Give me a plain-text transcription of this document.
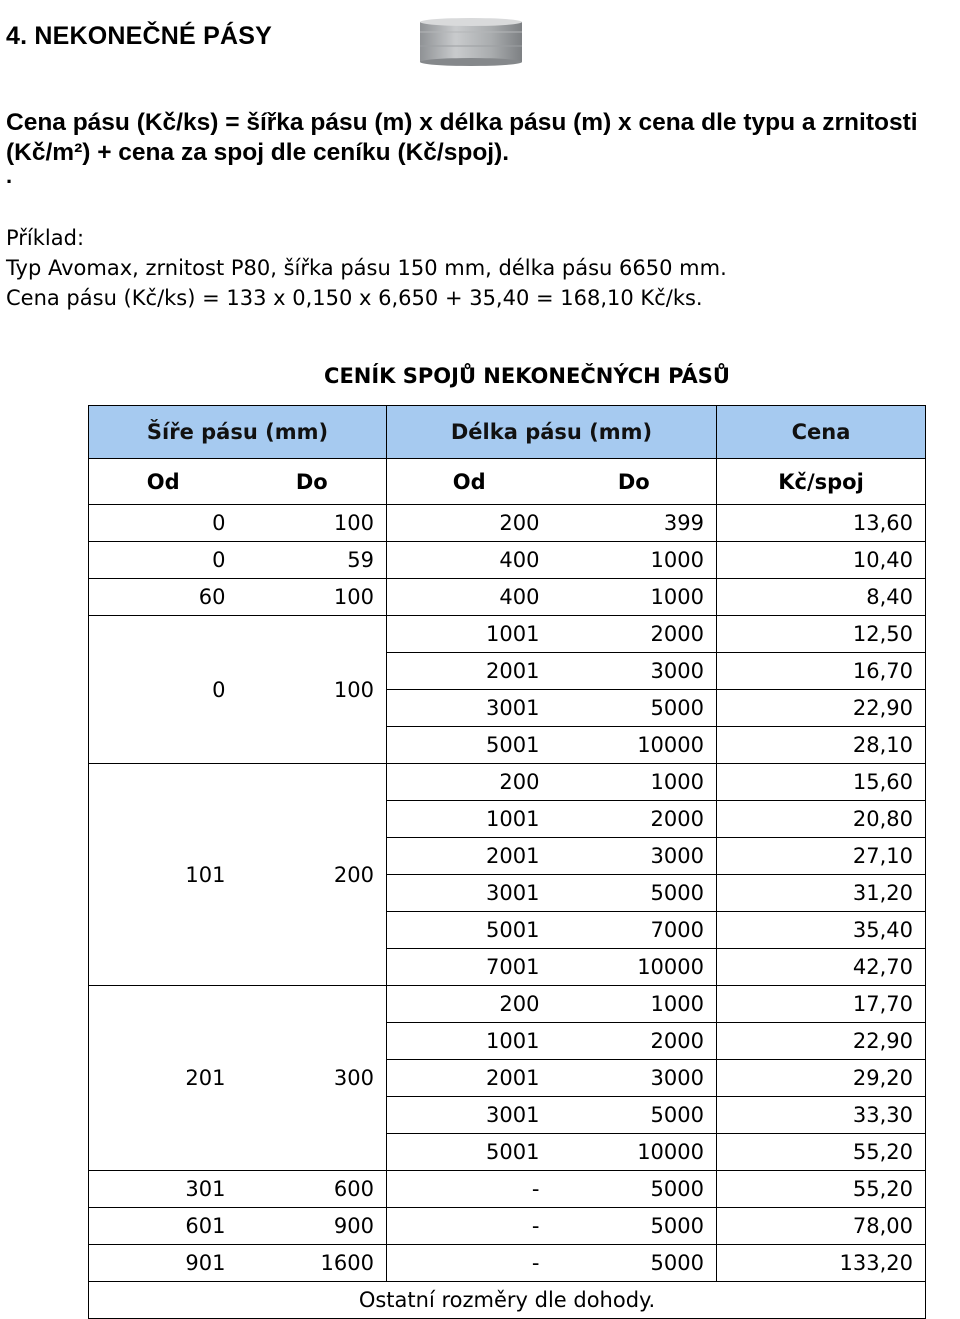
4. NEKONEČNÉ PÁSY
Cena pásu (Kč/ks) = šířka pásu (m) x délka pásu (m) x cena dle typu a zrnitosti (Kč/m²) + cena za spoj dle ceníku (Kč/spoj).
.
Příklad:
Typ Avomax, zrnitost P80, šířka pásu 150 mm, délka pásu 6650 mm.
Cena pásu (Kč/ks) = 133 x 0,150 x 6,650 + 35,40 = 168,10 Kč/ks.
CENÍK SPOJŮ NEKONEČNÝCH PÁSŮ
Šíře pásu (mm)		Délka pásu (mm)		Cena
Od	Do	Od	Do	Kč/spoj
0	100	200	399	13,60
0	59	400	1000	10,40
60	100	400	1000	8,40
0	100	1001	2000	12,50
		2001	3000	16,70
		3001	5000	22,90
		5001	10000	28,10
101	200	200	1000	15,60
		1001	2000	20,80
		2001	3000	27,10
		3001	5000	31,20
		5001	7000	35,40
		7001	10000	42,70
201	300	200	1000	17,70
		1001	2000	22,90
		2001	3000	29,20
		3001	5000	33,30
		5001	10000	55,20
301	600	-	5000	55,20
601	900	-	5000	78,00
901	1600	-	5000	133,20
Ostatní rozměry dle dohody.				
